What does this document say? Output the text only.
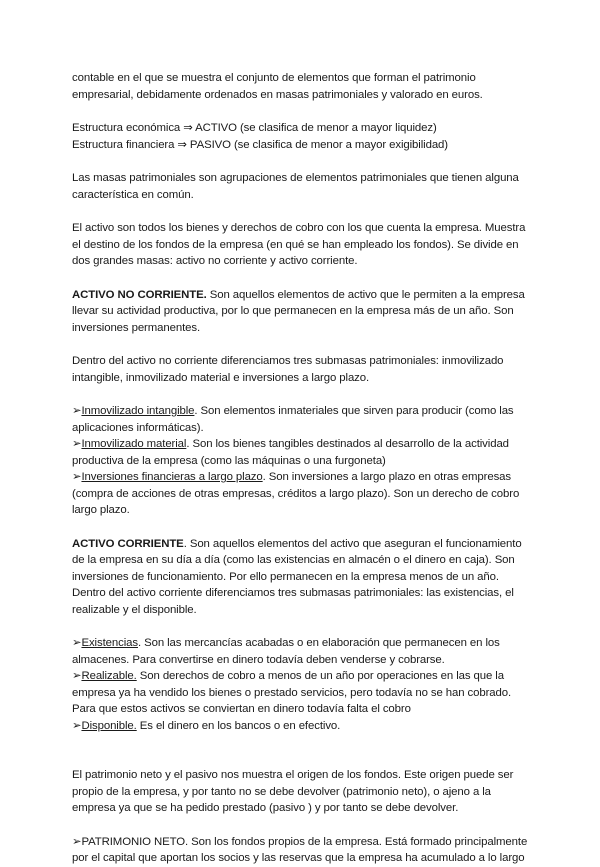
contable en el que se muestra el conjunto de elementos que forman el patrimonio empresarial, debidamente ordenados en masas patrimoniales y valorado en euros.

Estructura económica ⇒ ACTIVO (se clasifica de menor a mayor liquidez)

Estructura financiera ⇒ PASIVO (se clasifica de menor a mayor exigibilidad)

Las masas patrimoniales son agrupaciones de elementos patrimoniales que tienen alguna característica en común.

El activo son todos los bienes y derechos de cobro con los que cuenta la empresa. Muestra el destino de los fondos de la empresa (en qué se han empleado los fondos). Se divide en dos grandes masas: activo no corriente y activo corriente.

ACTIVO NO CORRIENTE. Son aquellos elementos de activo que le permiten a la empresa llevar su actividad productiva, por lo que permanecen en la empresa más de un año. Son inversiones permanentes.

Dentro del activo no corriente diferenciamos tres submasas patrimoniales: inmovilizado intangible, inmovilizado material e inversiones a largo plazo.

➢Inmovilizado intangible. Son elementos inmateriales que sirven para producir (como las aplicaciones informáticas).

➢Inmovilizado material. Son los bienes tangibles destinados al desarrollo de la actividad productiva de la empresa (como las máquinas o una furgoneta)

➢Inversiones financieras a largo plazo. Son inversiones a largo plazo en otras empresas (compra de acciones de otras empresas, créditos a largo plazo). Son un derecho de cobro largo plazo.

ACTIVO CORRIENTE. Son aquellos elementos del activo que aseguran el funcionamiento de la empresa en su día a día (como las existencias en almacén o el dinero en caja). Son inversiones de funcionamiento. Por ello permanecen en la empresa menos de un año. Dentro del activo corriente diferenciamos tres submasas patrimoniales: las existencias, el realizable y el disponible.

➢Existencias. Son las mercancías acabadas o en elaboración que permanecen en los almacenes. Para convertirse en dinero todavía deben venderse y cobrarse.

➢Realizable. Son derechos de cobro a menos de un año por operaciones en las que la empresa ya ha vendido los bienes o prestado servicios, pero todavía no se han cobrado. Para que estos activos se conviertan en dinero todavía falta el cobro

➢Disponible. Es el dinero en los bancos o en efectivo.

El patrimonio neto y el pasivo nos muestra el origen de los fondos. Este origen puede ser propio de la empresa, y por tanto no se debe devolver (patrimonio neto), o ajeno a la empresa ya que se ha pedido prestado (pasivo ) y por tanto se debe devolver.

➢PATRIMONIO NETO. Son los fondos propios de la empresa. Está formado principalmente por el capital que aportan los socios y las reservas que la empresa ha acumulado a lo largo
